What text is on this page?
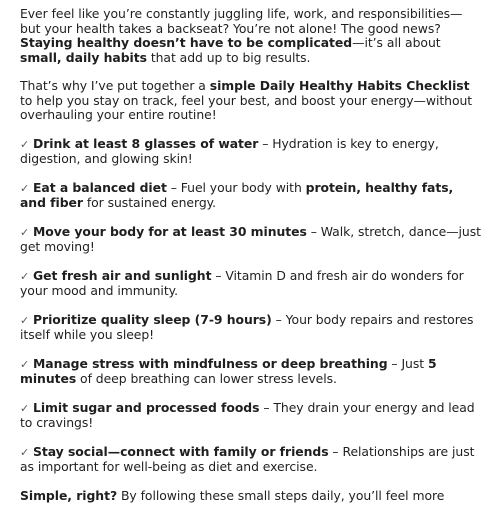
Ever feel like you’re constantly juggling life, work, and responsibilities—but your health takes a backseat? You’re not alone! The good news? Staying healthy doesn’t have to be complicated—it’s all about small, daily habits that add up to big results.

That’s why I’ve put together a simple Daily Healthy Habits Checklist to help you stay on track, feel your best, and boost your energy—without overhauling your entire routine!

✓ Drink at least 8 glasses of water – Hydration is key to energy, digestion, and glowing skin!

✓ Eat a balanced diet – Fuel your body with protein, healthy fats, and fiber for sustained energy.

✓ Move your body for at least 30 minutes – Walk, stretch, dance—just get moving!

✓ Get fresh air and sunlight – Vitamin D and fresh air do wonders for your mood and immunity.

✓ Prioritize quality sleep (7-9 hours) – Your body repairs and restores itself while you sleep!

✓ Manage stress with mindfulness or deep breathing – Just 5 minutes of deep breathing can lower stress levels.

✓ Limit sugar and processed foods – They drain your energy and lead to cravings!

✓ Stay social—connect with family or friends – Relationships are just as important for well-being as diet and exercise.

Simple, right? By following these small steps daily, you’ll feel more
